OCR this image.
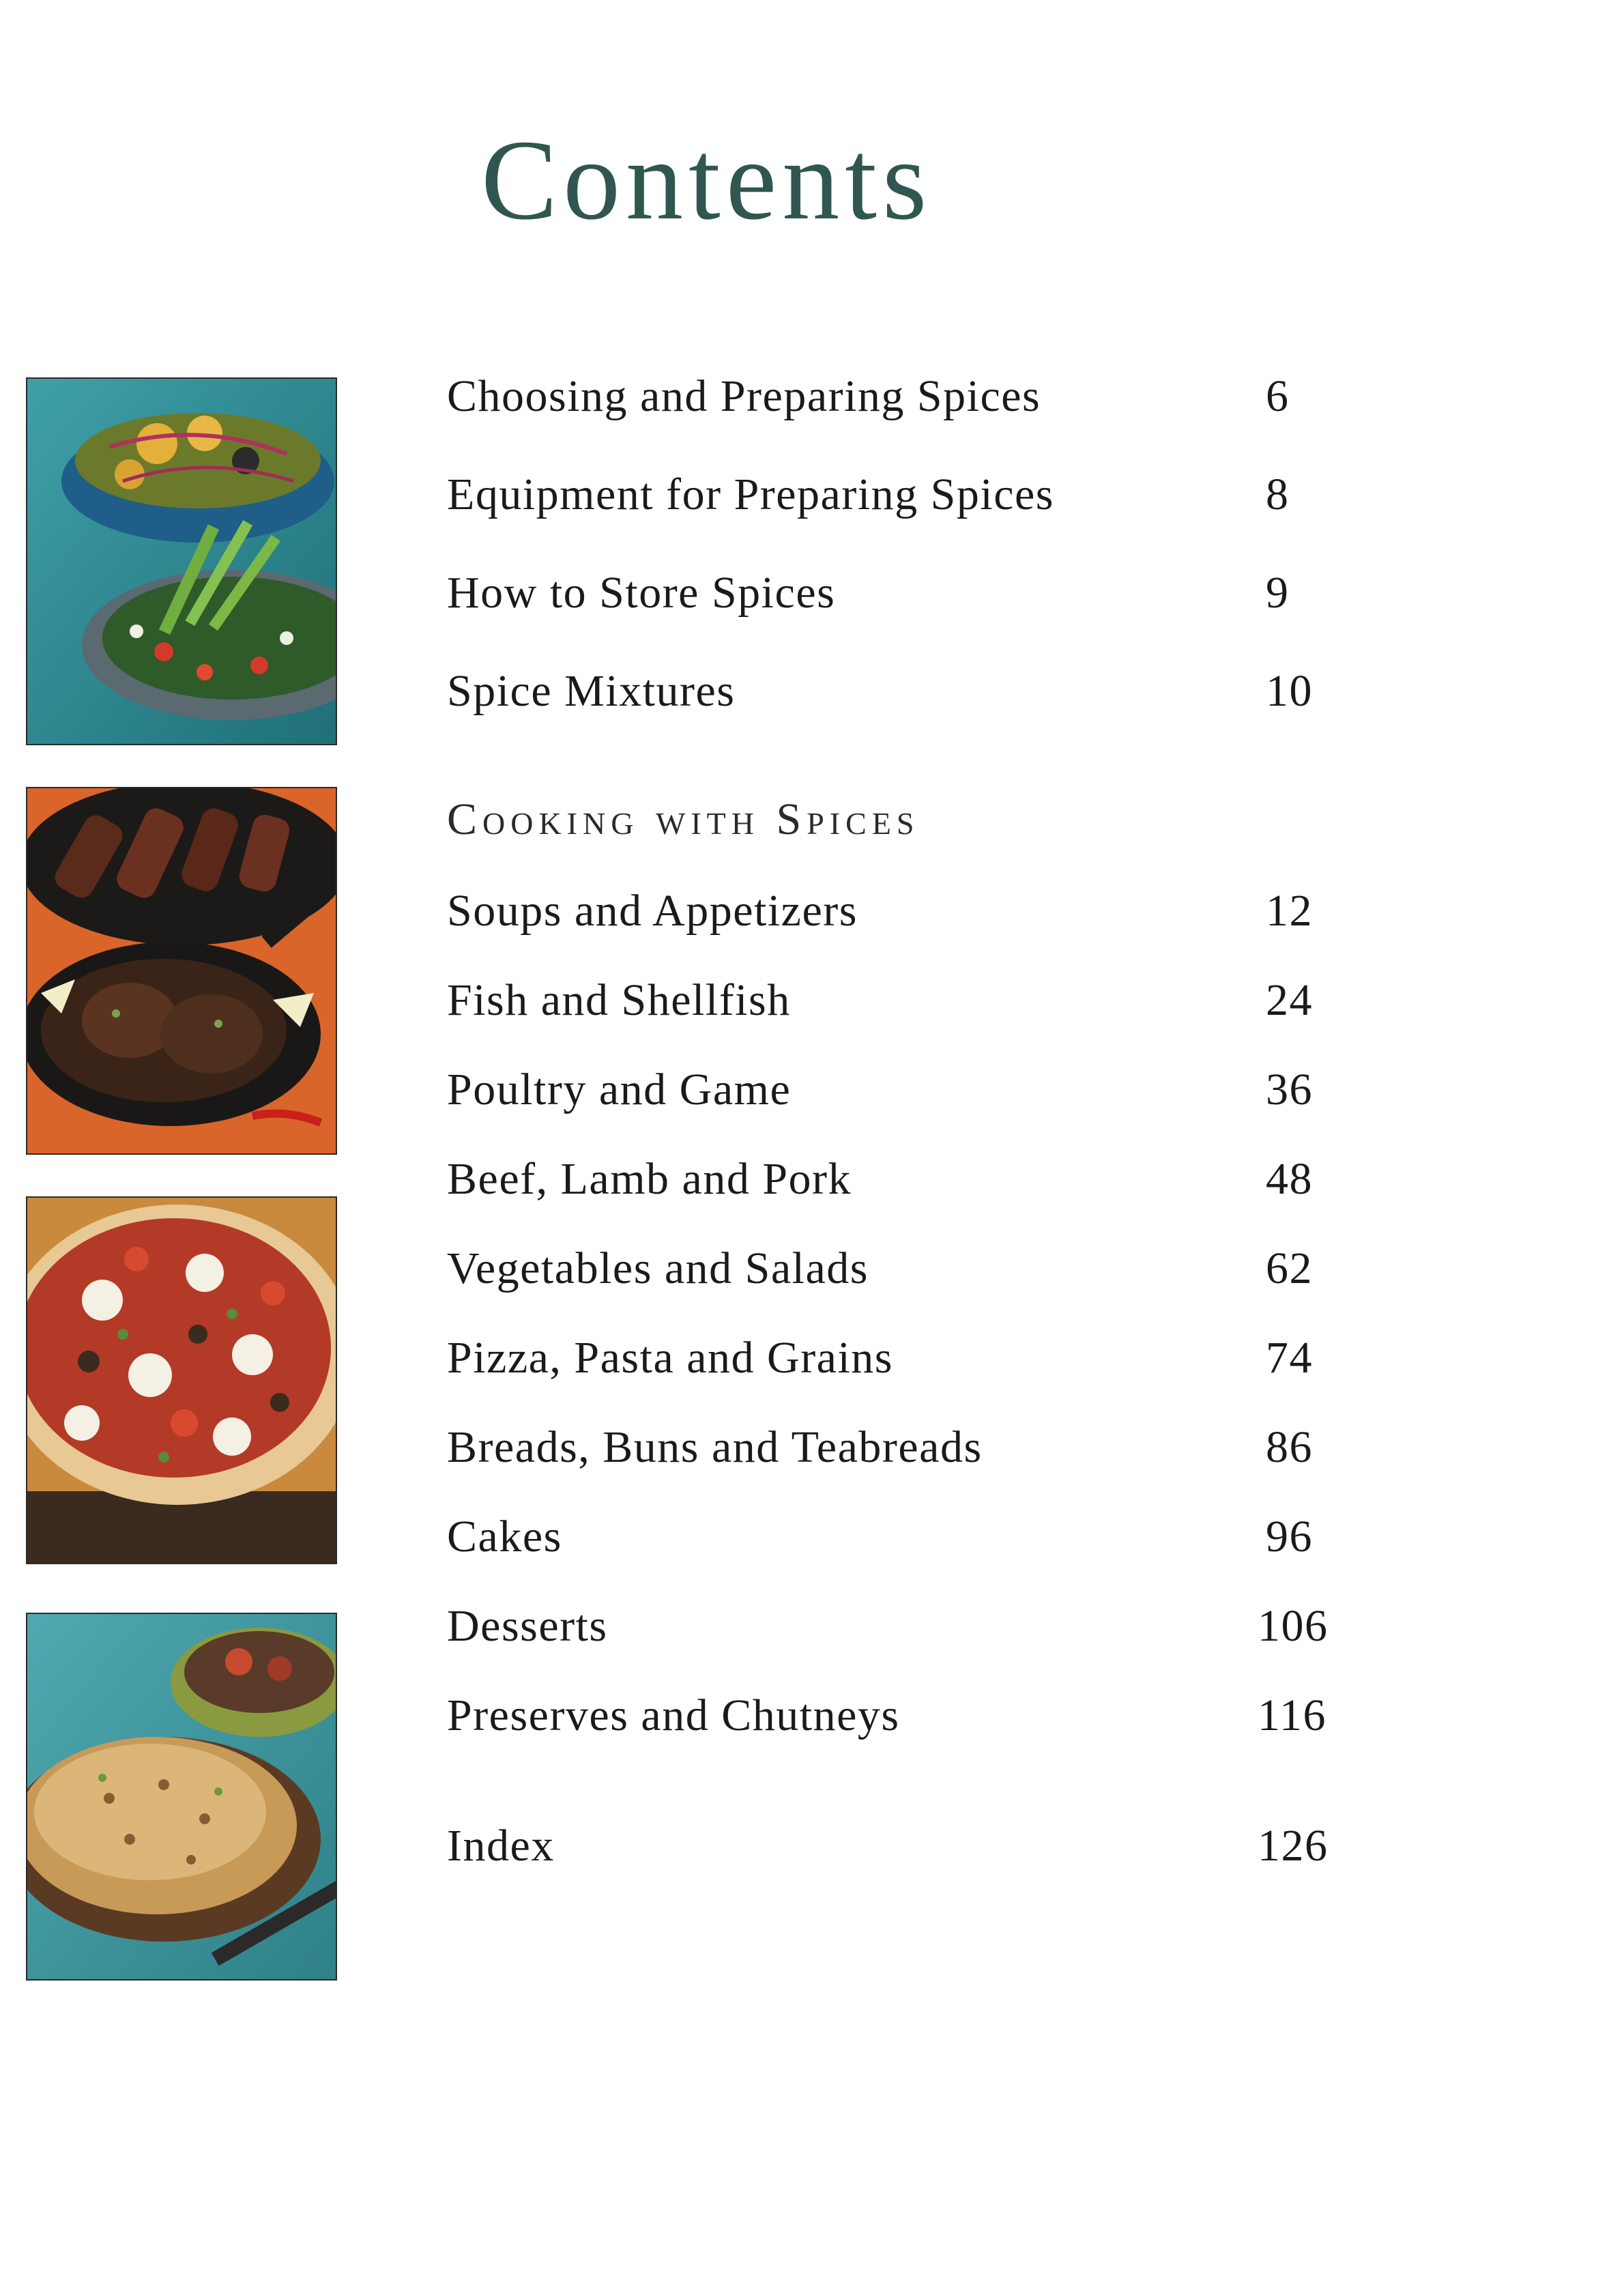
Contents
Choosing and Preparing Spices	6
Equipment for Preparing Spices	8
How to Store Spices	9
Spice Mixtures	10
Cooking with Spices
Soups and Appetizers	12
Fish and Shellfish	24
Poultry and Game	36
Beef, Lamb and Pork	48
Vegetables and Salads	62
Pizza, Pasta and Grains	74
Breads, Buns and Teabreads	86
Cakes	96
Desserts	106
Preserves and Chutneys	116
Index	126
